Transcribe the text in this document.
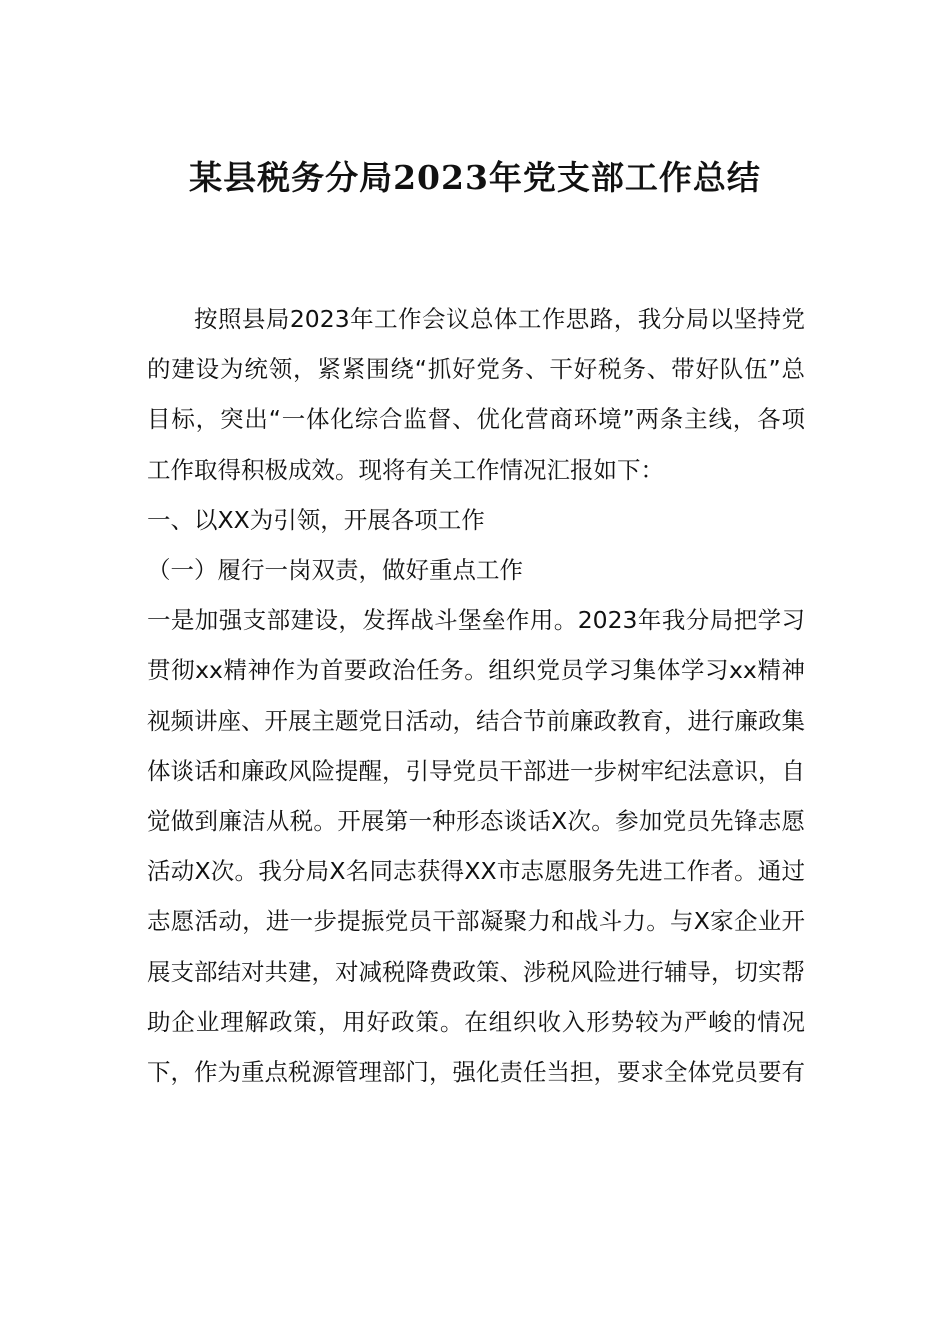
某县税务分局2023年党支部工作总结

按照县局2023年工作会议总体工作思路，我分局以坚持党的建设为统领，紧紧围绕“抓好党务、干好税务、带好队伍”总目标，突出“一体化综合监督、优化营商环境”两条主线，各项工作取得积极成效。现将有关工作情况汇报如下：

一、以XX为引领，开展各项工作

（一）履行一岗双责，做好重点工作

一是加强支部建设，发挥战斗堡垒作用。2023年我分局把学习贯彻xx精神作为首要政治任务。组织党员学习集体学习xx精神视频讲座、开展主题党日活动，结合节前廉政教育，进行廉政集体谈话和廉政风险提醒，引导党员干部进一步树牢纪法意识，自觉做到廉洁从税。开展第一种形态谈话X次。参加党员先锋志愿活动X次。我分局X名同志获得XX市志愿服务先进工作者。通过志愿活动，进一步提振党员干部凝聚力和战斗力。与X家企业开展支部结对共建，对减税降费政策、涉税风险进行辅导，切实帮助企业理解政策，用好政策。在组织收入形势较为严峻的情况下，作为重点税源管理部门，强化责任当担，要求全体党员要有
